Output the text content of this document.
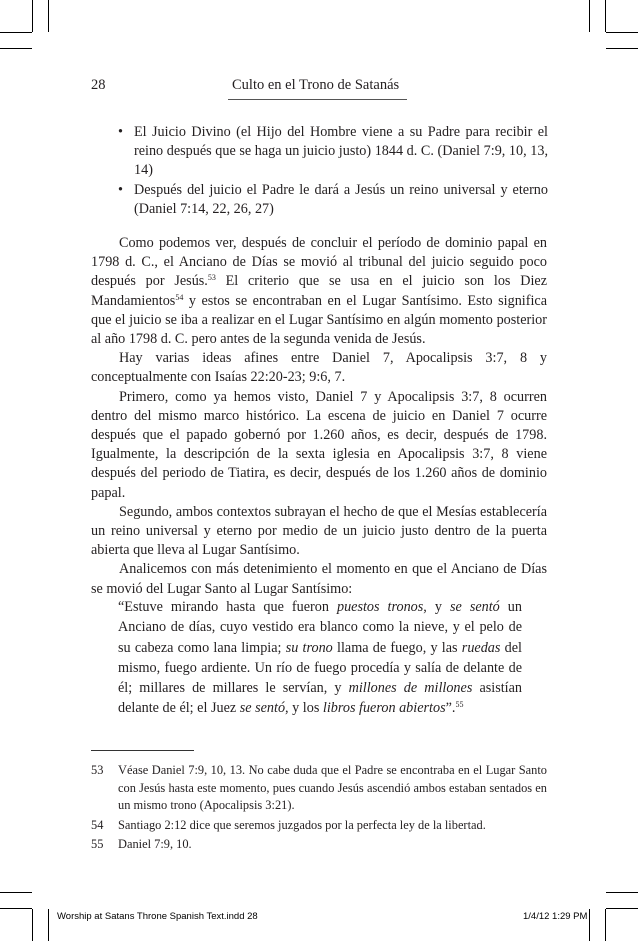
28	Culto en el Trono de Satanás
• El Juicio Divino (el Hijo del Hombre viene a su Padre para recibir el reino después que se haga un juicio justo) 1844 d. C. (Daniel 7:9, 10, 13, 14)
• Después del juicio el Padre le dará a Jesús un reino universal y eterno (Daniel 7:14, 22, 26, 27)

Como podemos ver, después de concluir el período de dominio papal en 1798 d. C., el Anciano de Días se movió al tribunal del juicio seguido poco después por Jesús.$^{53}$ El criterio que se usa en el juicio son los Diez Mandamientos$^{54}$ y estos se encontraban en el Lugar Santísimo. Esto significa que el juicio se iba a realizar en el Lugar Santísimo en algún momento posterior al año 1798 d. C. pero antes de la segunda venida de Jesús.

Hay varias ideas afines entre Daniel 7, Apocalipsis 3:7, 8 y conceptualmente con Isaías 22:20-23; 9:6, 7.

Primero, como ya hemos visto, Daniel 7 y Apocalipsis 3:7, 8 ocurren dentro del mismo marco histórico. La escena de juicio en Daniel 7 ocurre después que el papado gobernó por 1.260 años, es decir, después de 1798. Igualmente, la descripción de la sexta iglesia en Apocalipsis 3:7, 8 viene después del periodo de Tiatira, es decir, después de los 1.260 años de dominio papal.

Segundo, ambos contextos subrayan el hecho de que el Mesías establecería un reino universal y eterno por medio de un juicio justo dentro de la puerta abierta que lleva al Lugar Santísimo.

Analicemos con más detenimiento el momento en que el Anciano de Días se movió del Lugar Santo al Lugar Santísimo:

“Estuve mirando hasta que fueron puestos tronos, y se sentó un Anciano de días, cuyo vestido era blanco como la nieve, y el pelo de su cabeza como lana limpia; su trono llama de fuego, y las ruedas del mismo, fuego ardiente. Un río de fuego procedía y salía de delante de él; millares de millares le servían, y millones de millones asistían delante de él; el Juez se sentó, y los libros fueron abiertos”.$^{55}$
53 Véase Daniel 7:9, 10, 13. No cabe duda que el Padre se encontraba en el Lugar Santo con Jesús hasta este momento, pues cuando Jesús ascendió ambos estaban sentados en un mismo trono (Apocalipsis 3:21).
54 Santiago 2:12 dice que seremos juzgados por la perfecta ley de la libertad.
55 Daniel 7:9, 10.
Worship at Satans Throne Spanish Text.indd 28	1/4/12 1:29 PM
